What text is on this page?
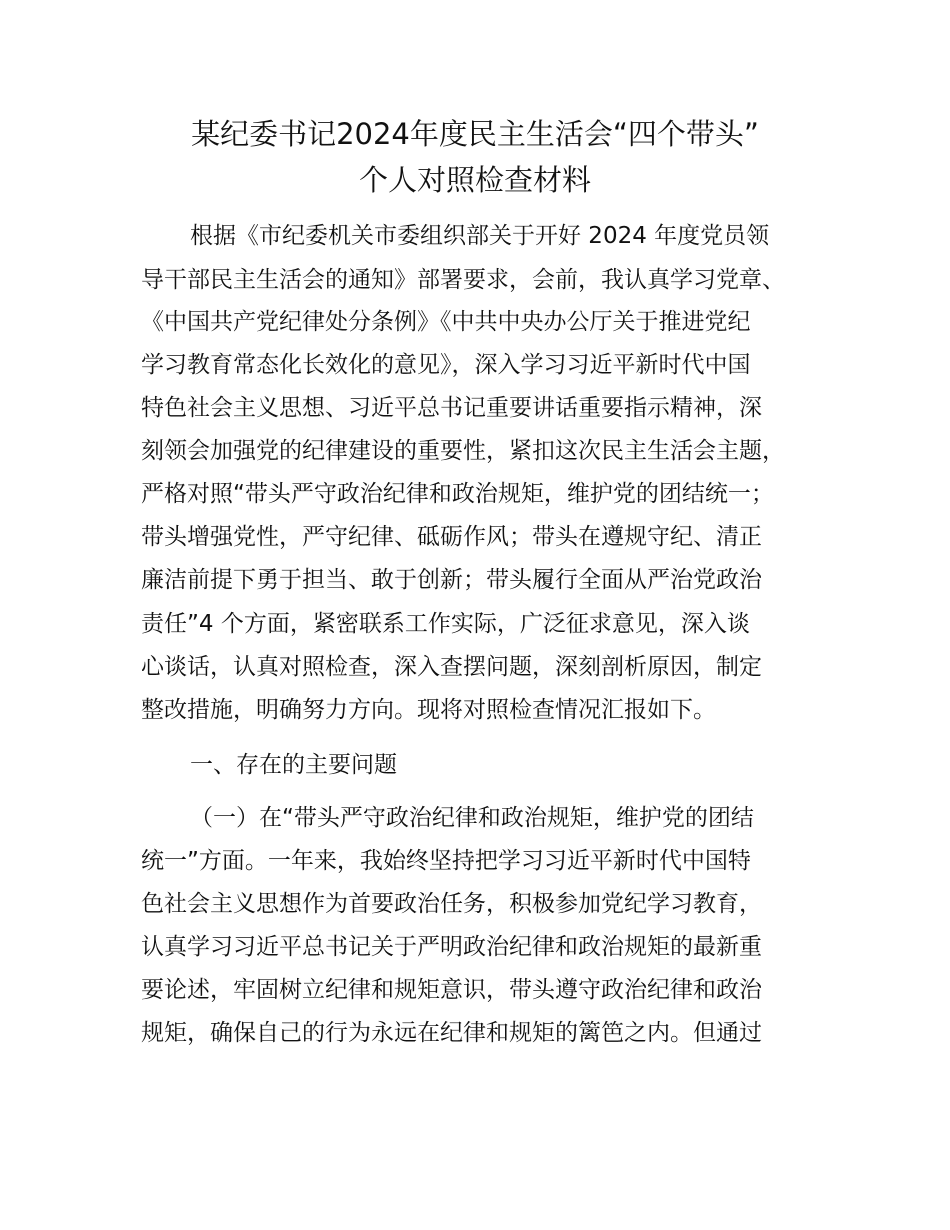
某纪委书记2024年度民主生活会“四个带头”
个人对照检查材料

根据《市纪委机关市委组织部关于开好 2024 年度党员领

导干部民主生活会的通知》部署要求，会前，我认真学习党章、

《中国共产党纪律处分条例》《中共中央办公厅关于推进党纪

学习教育常态化长效化的意见》，深入学习习近平新时代中国

特色社会主义思想、习近平总书记重要讲话重要指示精神，深

刻领会加强党的纪律建设的重要性，紧扣这次民主生活会主题，

严格对照“带头严守政治纪律和政治规矩，维护党的团结统一；

带头增强党性，严守纪律、砥砺作风；带头在遵规守纪、清正

廉洁前提下勇于担当、敢于创新；带头履行全面从严治党政治

责任”4 个方面，紧密联系工作实际，广泛征求意见，深入谈

心谈话，认真对照检查，深入查摆问题，深刻剖析原因，制定

整改措施，明确努力方向。现将对照检查情况汇报如下。

一、存在的主要问题

（一）在“带头严守政治纪律和政治规矩，维护党的团结

统一”方面。一年来，我始终坚持把学习习近平新时代中国特

色社会主义思想作为首要政治任务，积极参加党纪学习教育，

认真学习习近平总书记关于严明政治纪律和政治规矩的最新重

要论述，牢固树立纪律和规矩意识，带头遵守政治纪律和政治

规矩，确保自己的行为永远在纪律和规矩的篱笆之内。但通过
